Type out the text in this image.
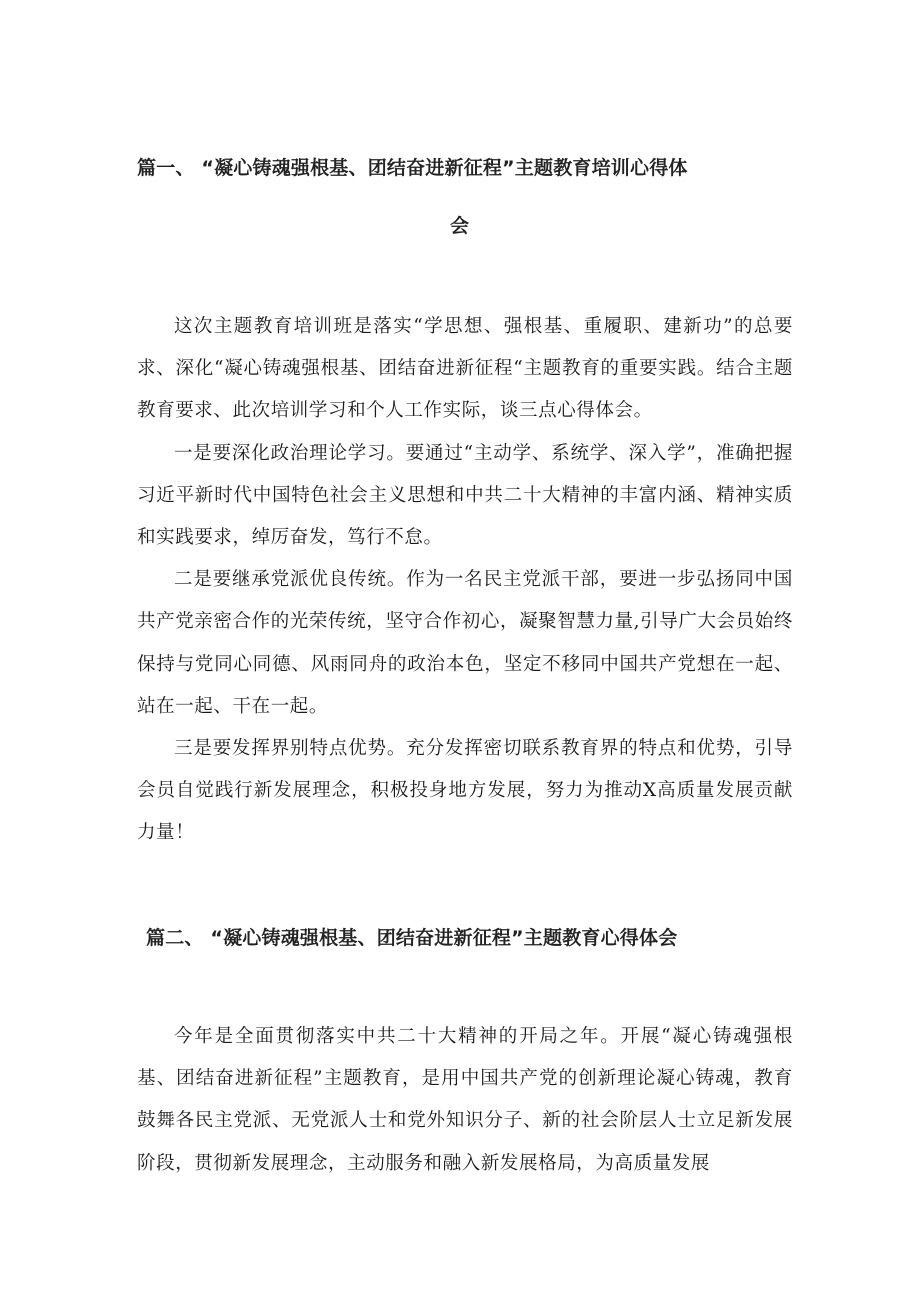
篇一、 “凝心铸魂强根基、团结奋进新征程”主题教育培训心得体
会

这次主题教育培训班是落实“学思想、强根基、重履职、建新功”的总要求、深化“凝心铸魂强根基、团结奋进新征程“主题教育的重要实践。结合主题教育要求、此次培训学习和个人工作实际，谈三点心得体会。

一是要深化政治理论学习。要通过“主动学、系统学、深入学”，准确把握习近平新时代中国特色社会主义思想和中共二十大精神的丰富内涵、精神实质和实践要求，绰厉奋发，笃行不怠。

二是要继承党派优良传统。作为一名民主党派干部，要进一步弘扬同中国共产党亲密合作的光荣传统，坚守合作初心，凝聚智慧力量,引导广大会员始终保持与党同心同德、风雨同舟的政治本色，坚定不移同中国共产党想在一起、站在一起、干在一起。

三是要发挥界别特点优势。充分发挥密切联系教育界的特点和优势，引导会员自觉践行新发展理念，积极投身地方发展，努力为推动X高质量发展贡献力量！

篇二、 “凝心铸魂强根基、团结奋进新征程”主题教育心得体会

今年是全面贯彻落实中共二十大精神的开局之年。开展“凝心铸魂强根基、团结奋进新征程”主题教育，是用中国共产党的创新理论凝心铸魂，教育鼓舞各民主党派、无党派人士和党外知识分子、新的社会阶层人士立足新发展阶段，贯彻新发展理念，主动服务和融入新发展格局，为高质量发展
